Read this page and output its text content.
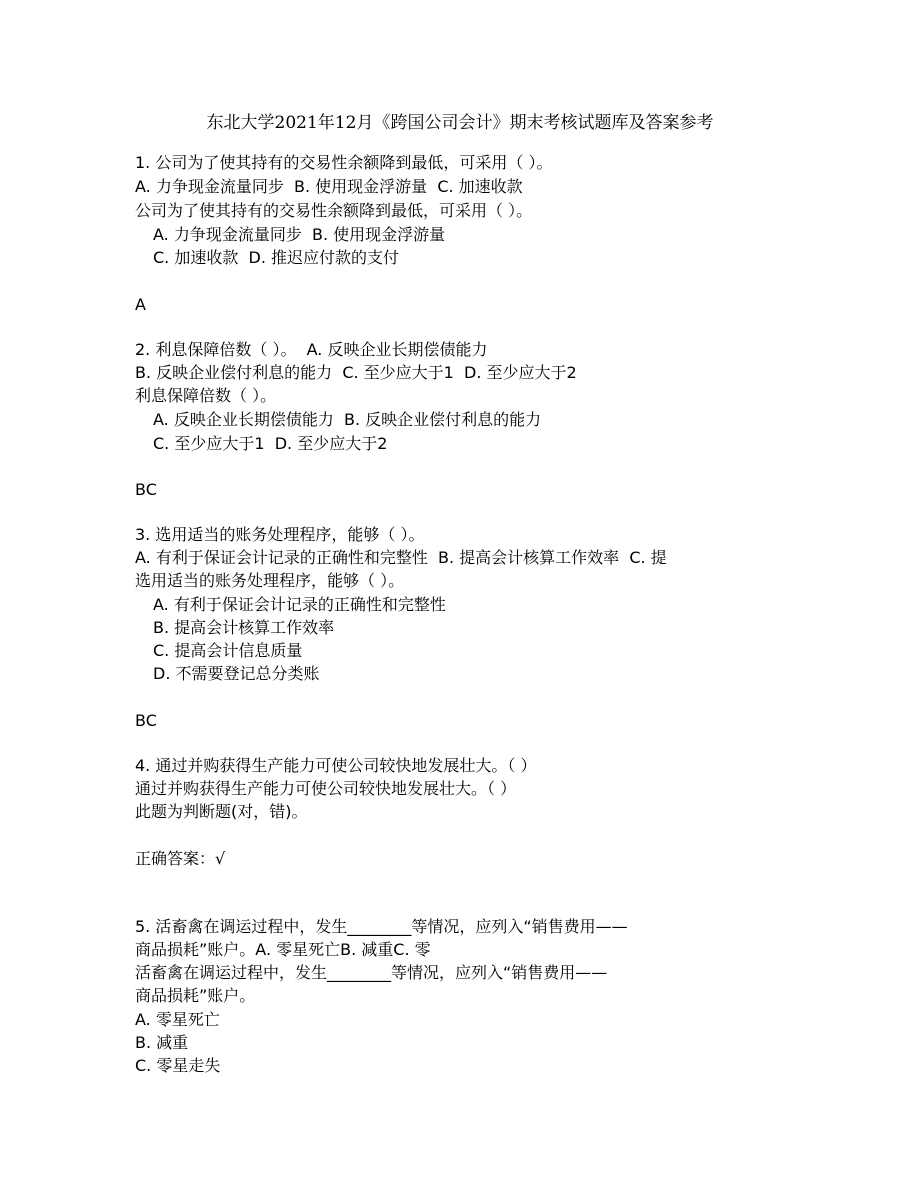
东北大学2021年12月《跨国公司会计》期末考核试题库及答案参考
1. 公司为了使其持有的交易性余额降到最低，可采用（ ）。
A. 力争现金流量同步  B. 使用现金浮游量  C. 加速收款
公司为了使其持有的交易性余额降到最低，可采用（ ）。
A. 力争现金流量同步  B. 使用现金浮游量
C. 加速收款  D. 推迟应付款的支付
A
2. 利息保障倍数（ ）。  A. 反映企业长期偿债能力
B. 反映企业偿付利息的能力  C. 至少应大于1  D. 至少应大于2
利息保障倍数（ ）。
A. 反映企业长期偿债能力  B. 反映企业偿付利息的能力
C. 至少应大于1  D. 至少应大于2
BC
3. 选用适当的账务处理程序，能够（ ）。
A. 有利于保证会计记录的正确性和完整性  B. 提高会计核算工作效率  C. 提
选用适当的账务处理程序，能够（ ）。
A. 有利于保证会计记录的正确性和完整性
B. 提高会计核算工作效率
C. 提高会计信息质量
D. 不需要登记总分类账
BC
4. 通过并购获得生产能力可使公司较快地发展壮大。（ ）
通过并购获得生产能力可使公司较快地发展壮大。（ ）
此题为判断题(对，错)。
正确答案：√
5. 活畜禽在调运过程中，发生________等情况，应列入“销售费用——
商品损耗”账户。A. 零星死亡B. 减重C. 零
活畜禽在调运过程中，发生________等情况，应列入“销售费用——
商品损耗”账户。
A. 零星死亡
B. 减重
C. 零星走失
